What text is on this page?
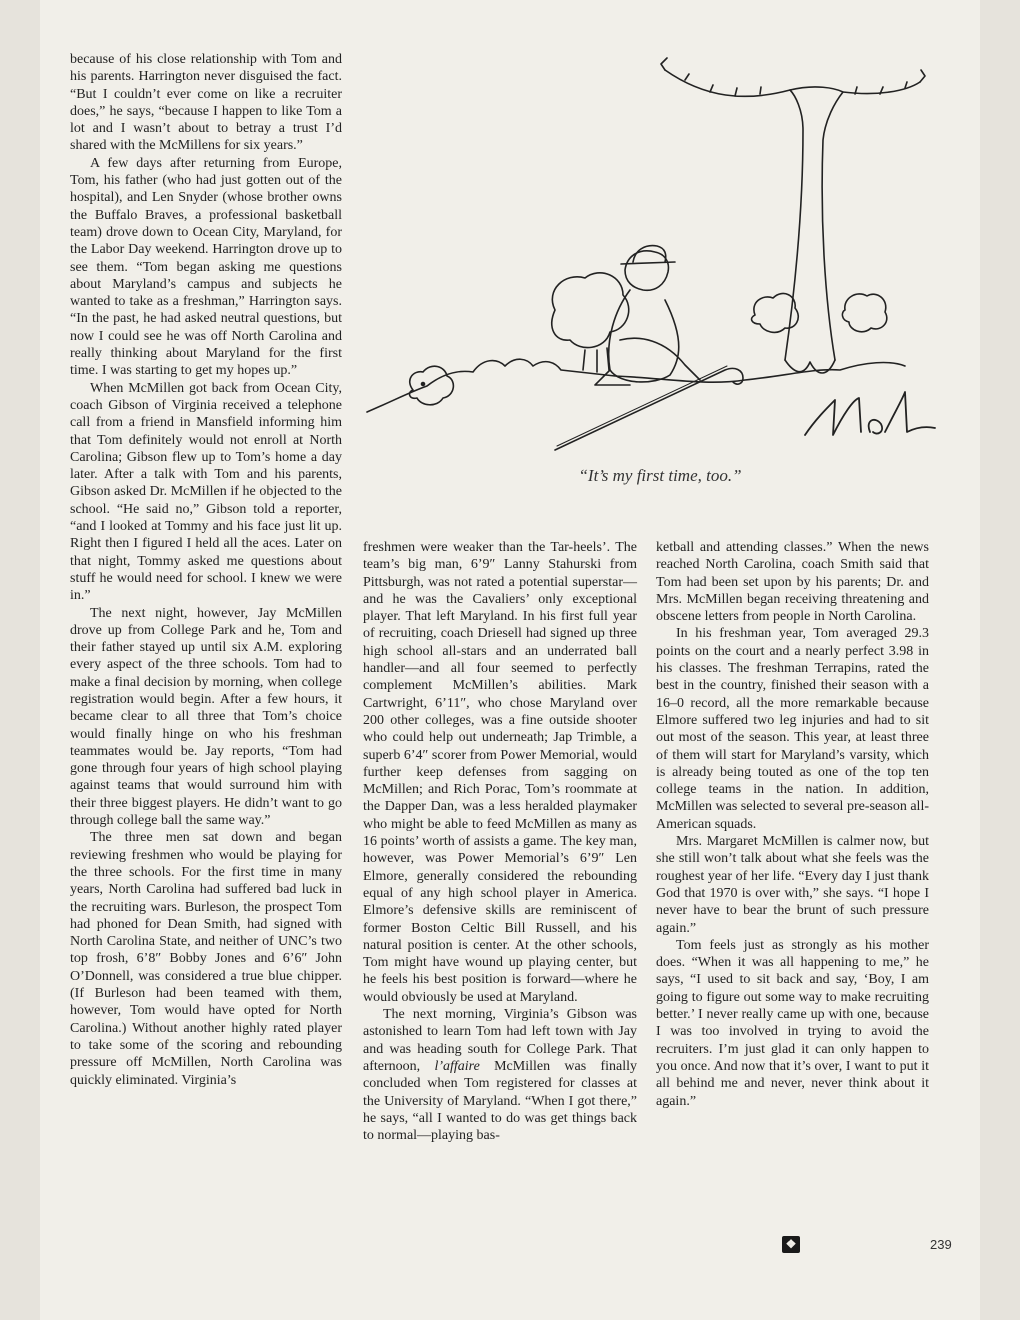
because of his close relationship with Tom and his parents. Harrington never disguised the fact. “But I couldn’t ever come on like a recruiter does,” he says, “because I happen to like Tom a lot and I wasn’t about to betray a trust I’d shared with the McMillens for six years.”

A few days after returning from Europe, Tom, his father (who had just gotten out of the hospital), and Len Snyder (whose brother owns the Buffalo Braves, a professional basketball team) drove down to Ocean City, Maryland, for the Labor Day weekend. Harrington drove up to see them. “Tom began asking me questions about Maryland’s campus and subjects he wanted to take as a freshman,” Harrington says. “In the past, he had asked neutral questions, but now I could see he was off North Carolina and really thinking about Maryland for the first time. I was starting to get my hopes up.”

When McMillen got back from Ocean City, coach Gibson of Virginia received a telephone call from a friend in Mansfield informing him that Tom definitely would not enroll at North Carolina; Gibson flew up to Tom’s home a day later. After a talk with Tom and his parents, Gibson asked Dr. McMillen if he objected to the school. “He said no,” Gibson told a reporter, “and I looked at Tommy and his face just lit up. Right then I figured I held all the aces. Later on that night, Tommy asked me questions about stuff he would need for school. I knew we were in.”

The next night, however, Jay McMillen drove up from College Park and he, Tom and their father stayed up until six A.M. exploring every aspect of the three schools. Tom had to make a final decision by morning, when college registration would begin. After a few hours, it became clear to all three that Tom’s choice would finally hinge on who his freshman teammates would be. Jay reports, “Tom had gone through four years of high school playing against teams that would surround him with their three biggest players. He didn’t want to go through college ball the same way.”

The three men sat down and began reviewing freshmen who would be playing for the three schools. For the first time in many years, North Carolina had suffered bad luck in the recruiting wars. Burleson, the prospect Tom had phoned for Dean Smith, had signed with North Carolina State, and neither of UNC’s two top frosh, 6’8″ Bobby Jones and 6’6″ John O’Donnell, was considered a true blue chipper. (If Burleson had been teamed with them, however, Tom would have opted for North Carolina.) Without another highly rated player to take some of the scoring and rebounding pressure off McMillen, North Carolina was quickly eliminated. Virginia’s

“It’s my first time, too.”

freshmen were weaker than the Tar-heels’. The team’s big man, 6’9″ Lanny Stahurski from Pittsburgh, was not rated a potential superstar—and he was the Cavaliers’ only exceptional player. That left Maryland. In his first full year of recruiting, coach Driesell had signed up three high school all-stars and an underrated ball handler—and all four seemed to perfectly complement McMillen’s abilities. Mark Cartwright, 6’11″, who chose Maryland over 200 other colleges, was a fine outside shooter who could help out underneath; Jap Trimble, a superb 6’4″ scorer from Power Memorial, would further keep defenses from sagging on McMillen; and Rich Porac, Tom’s roommate at the Dapper Dan, was a less heralded playmaker who might be able to feed McMillen as many as 16 points’ worth of assists a game. The key man, however, was Power Memorial’s 6’9″ Len Elmore, generally considered the rebounding equal of any high school player in America. Elmore’s defensive skills are reminiscent of former Boston Celtic Bill Russell, and his natural position is center. At the other schools, Tom might have wound up playing center, but he feels his best position is forward—where he would obviously be used at Maryland.

The next morning, Virginia’s Gibson was astonished to learn Tom had left town with Jay and was heading south for College Park. That afternoon, l’affaire McMillen was finally concluded when Tom registered for classes at the University of Maryland. “When I got there,” he says, “all I wanted to do was get things back to normal—playing bas-

ketball and attending classes.” When the news reached North Carolina, coach Smith said that Tom had been set upon by his parents; Dr. and Mrs. McMillen began receiving threatening and obscene letters from people in North Carolina.

In his freshman year, Tom averaged 29.3 points on the court and a nearly perfect 3.98 in his classes. The freshman Terrapins, rated the best in the country, finished their season with a 16–0 record, all the more remarkable because Elmore suffered two leg injuries and had to sit out most of the season. This year, at least three of them will start for Maryland’s varsity, which is already being touted as one of the top ten college teams in the nation. In addition, McMillen was selected to several pre-season all-American squads.

Mrs. Margaret McMillen is calmer now, but she still won’t talk about what she feels was the roughest year of her life. “Every day I just thank God that 1970 is over with,” she says. “I hope I never have to bear the brunt of such pressure again.”

Tom feels just as strongly as his mother does. “When it was all happening to me,” he says, “I used to sit back and say, ‘Boy, I am going to figure out some way to make recruiting better.’ I never really came up with one, because I was too involved in trying to avoid the recruiters. I’m just glad it can only happen to you once. And now that it’s over, I want to put it all behind me and never, never think about it again.”

❖	239
